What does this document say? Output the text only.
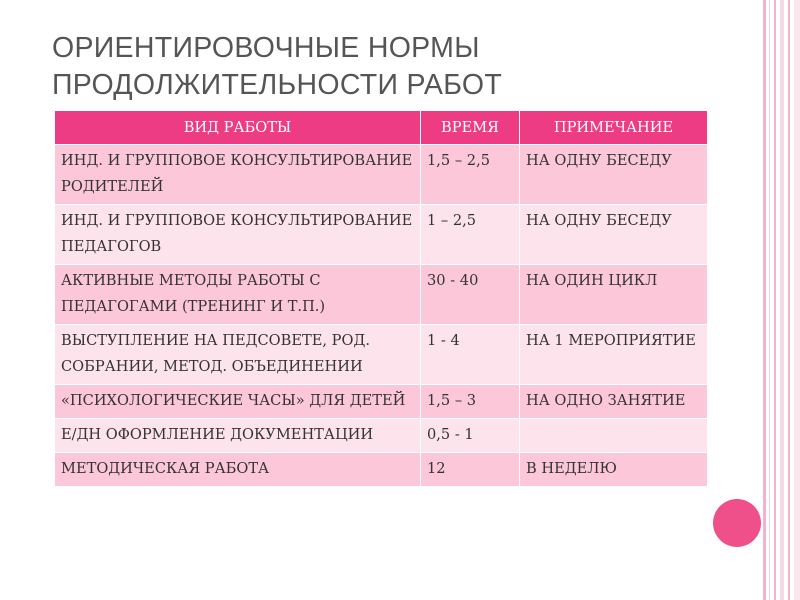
ОРИЕНТИРОВОЧНЫЕ НОРМЫ
ПРОДОЛЖИТЕЛЬНОСТИ РАБОТ
ВИД РАБОТЫ	ВРЕМЯ	ПРИМЕЧАНИЕ
ИНД. И ГРУППОВОЕ КОНСУЛЬТИРОВАНИЕ РОДИТЕЛЕЙ	1,5 – 2,5	НА ОДНУ БЕСЕДУ
ИНД. И ГРУППОВОЕ КОНСУЛЬТИРОВАНИЕ ПЕДАГОГОВ	1 – 2,5	НА ОДНУ БЕСЕДУ
АКТИВНЫЕ МЕТОДЫ РАБОТЫ С ПЕДАГОГАМИ (ТРЕНИНГ И Т.П.)	30 - 40	НА ОДИН ЦИКЛ
ВЫСТУПЛЕНИЕ НА ПЕДСОВЕТЕ, РОД. СОБРАНИИ, МЕТОД. ОБЪЕДИНЕНИИ	1 - 4	НА 1 МЕРОПРИЯТИЕ
«ПСИХОЛОГИЧЕСКИЕ ЧАСЫ» ДЛЯ ДЕТЕЙ	1,5 – 3	НА ОДНО ЗАНЯТИЕ
Е/ДН ОФОРМЛЕНИЕ ДОКУМЕНТАЦИИ	0,5 - 1	
МЕТОДИЧЕСКАЯ РАБОТА	12	В НЕДЕЛЮ
